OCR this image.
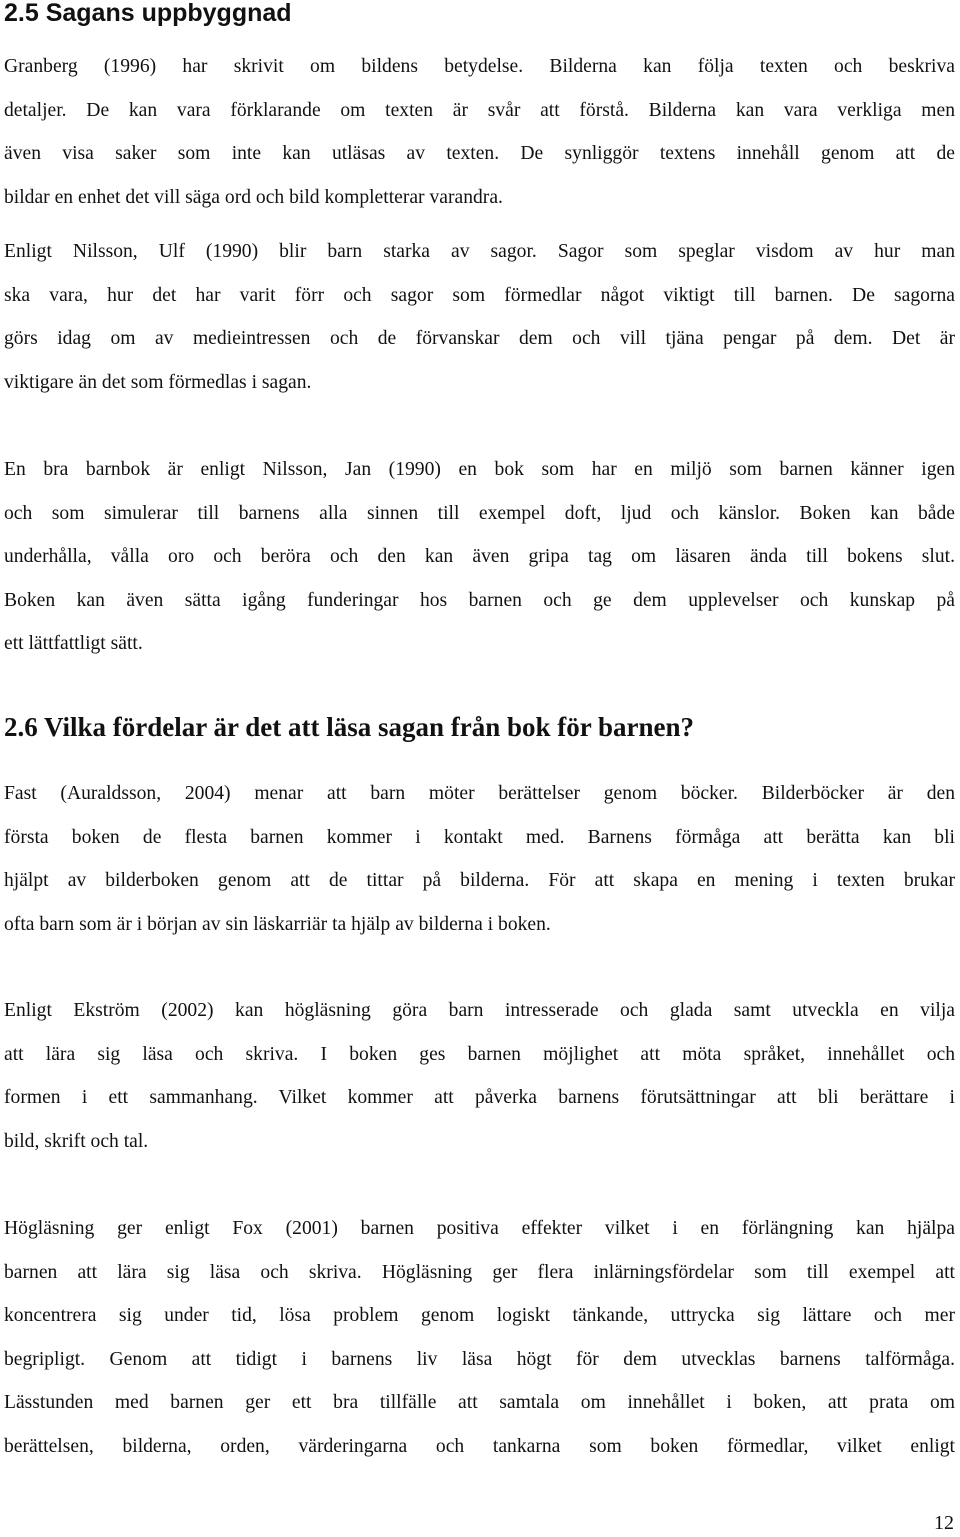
2.5 Sagans uppbyggnad
Granberg (1996) har skrivit om bildens betydelse. Bilderna kan följa texten och beskriva
detaljer. De kan vara förklarande om texten är svår att förstå. Bilderna kan vara verkliga men
även visa saker som inte kan utläsas av texten. De synliggör textens innehåll genom att de
bildar en enhet det vill säga ord och bild kompletterar varandra.
Enligt Nilsson, Ulf (1990) blir barn starka av sagor. Sagor som speglar visdom av hur man
ska vara, hur det har varit förr och sagor som förmedlar något viktigt till barnen. De sagorna
görs idag om av medieintressen och de förvanskar dem och vill tjäna pengar på dem. Det är
viktigare än det som förmedlas i sagan.
En bra barnbok är enligt Nilsson, Jan (1990) en bok som har en miljö som barnen känner igen
och som simulerar till barnens alla sinnen till exempel doft, ljud och känslor. Boken kan både
underhålla, vålla oro och beröra och den kan även gripa tag om läsaren ända till bokens slut.
Boken kan även sätta igång funderingar hos barnen och ge dem upplevelser och kunskap på
ett lättfattligt sätt.
2.6 Vilka fördelar är det att läsa sagan från bok för barnen?
Fast (Auraldsson, 2004) menar att barn möter berättelser genom böcker. Bilderböcker är den
första boken de flesta barnen kommer i kontakt med. Barnens förmåga att berätta kan bli
hjälpt av bilderboken genom att de tittar på bilderna. För att skapa en mening i texten brukar
ofta barn som är i början av sin läskarriär ta hjälp av bilderna i boken.
Enligt Ekström (2002) kan högläsning göra barn intresserade och glada samt utveckla en vilja
att lära sig läsa och skriva. I boken ges barnen möjlighet att möta språket, innehållet och
formen i ett sammanhang. Vilket kommer att påverka barnens förutsättningar att bli berättare i
bild, skrift och tal.
Högläsning ger enligt Fox (2001) barnen positiva effekter vilket i en förlängning kan hjälpa
barnen att lära sig läsa och skriva. Högläsning ger flera inlärningsfördelar som till exempel att
koncentrera sig under tid, lösa problem genom logiskt tänkande, uttrycka sig lättare och mer
begripligt. Genom att tidigt i barnens liv läsa högt för dem utvecklas barnens talförmåga.
Lässtunden med barnen ger ett bra tillfälle att samtala om innehållet i boken, att prata om
berättelsen, bilderna, orden, värderingarna och tankarna som boken förmedlar, vilket enligt
12
